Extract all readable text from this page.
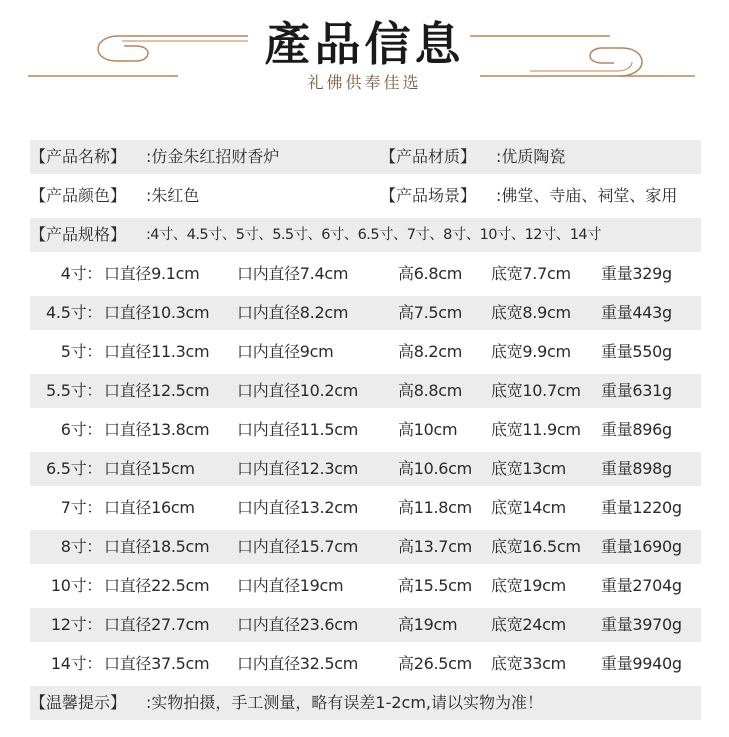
產品信息
礼佛供奉佳选
【产品名称】 :仿金朱红招财香炉	【产品材质】 :优质陶瓷
【产品颜色】 :朱红色	【产品场景】 :佛堂、寺庙、祠堂、家用
【产品规格】 :4寸、4.5寸、5寸、5.5寸、6寸、6.5寸、7寸、8寸、10寸、12寸、14寸
4寸： 口直径9.1cm 口内直径7.4cm	高6.8cm 底宽7.7cm 重量329g
4.5寸： 口直径10.3cm 口内直径8.2cm	高7.5cm 底宽8.9cm 重量443g
5寸： 口直径11.3cm 口内直径9cm	高8.2cm 底宽9.9cm 重量550g
5.5寸： 口直径12.5cm 口内直径10.2cm 高8.8cm 底宽10.7cm 重量631g
6寸： 口直径13.8cm 口内直径11.5cm 高10cm 底宽11.9cm 重量896g
6.5寸： 口直径15cm	口内直径12.3cm 高10.6cm 底宽13cm 重量898g
7寸： 口直径16cm	口内直径13.2cm 高11.8cm 底宽14cm 重量1220g
8寸： 口直径18.5cm 口内直径15.7cm 高13.7cm 底宽16.5cm 重量1690g
10寸： 口直径22.5cm 口内直径19cm	高15.5cm 底宽19cm 重量2704g
12寸： 口直径27.7cm 口内直径23.6cm 高19cm 底宽24cm 重量3970g
14寸： 口直径37.5cm 口内直径32.5cm 高26.5cm 底宽33cm 重量9940g
【温馨提示】 :实物拍摄，手工测量，略有误差1-2cm,请以实物为准！
